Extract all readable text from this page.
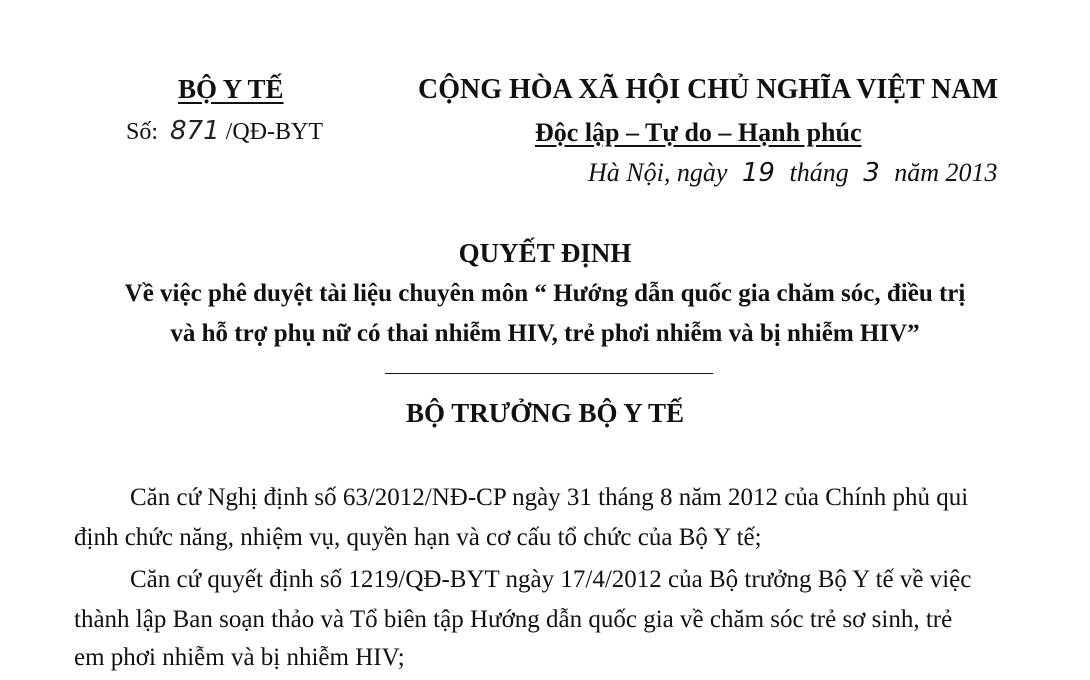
BỘ Y TẾ
Số: 871 /QĐ-BYT
CỘNG HÒA XÃ HỘI CHỦ NGHĨA VIỆT NAM
Độc lập – Tự do – Hạnh phúc
Hà Nội, ngày 19 tháng 3 năm 2013
QUYẾT ĐỊNH
Về việc phê duyệt tài liệu chuyên môn “ Hướng dẫn quốc gia chăm sóc, điều trị
và hỗ trợ phụ nữ có thai nhiễm HIV, trẻ phơi nhiễm và bị nhiễm HIV”
BỘ TRƯỞNG BỘ Y TẾ
Căn cứ Nghị định số 63/2012/NĐ-CP ngày 31 tháng 8 năm 2012 của Chính phủ qui
định chức năng, nhiệm vụ, quyền hạn và cơ cấu tổ chức của Bộ Y tế;
Căn cứ quyết định số 1219/QĐ-BYT ngày 17/4/2012 của Bộ trưởng Bộ Y tế về việc
thành lập Ban soạn thảo và Tổ biên tập Hướng dẫn quốc gia về chăm sóc trẻ sơ sinh, trẻ
em phơi nhiễm và bị nhiễm HIV;
